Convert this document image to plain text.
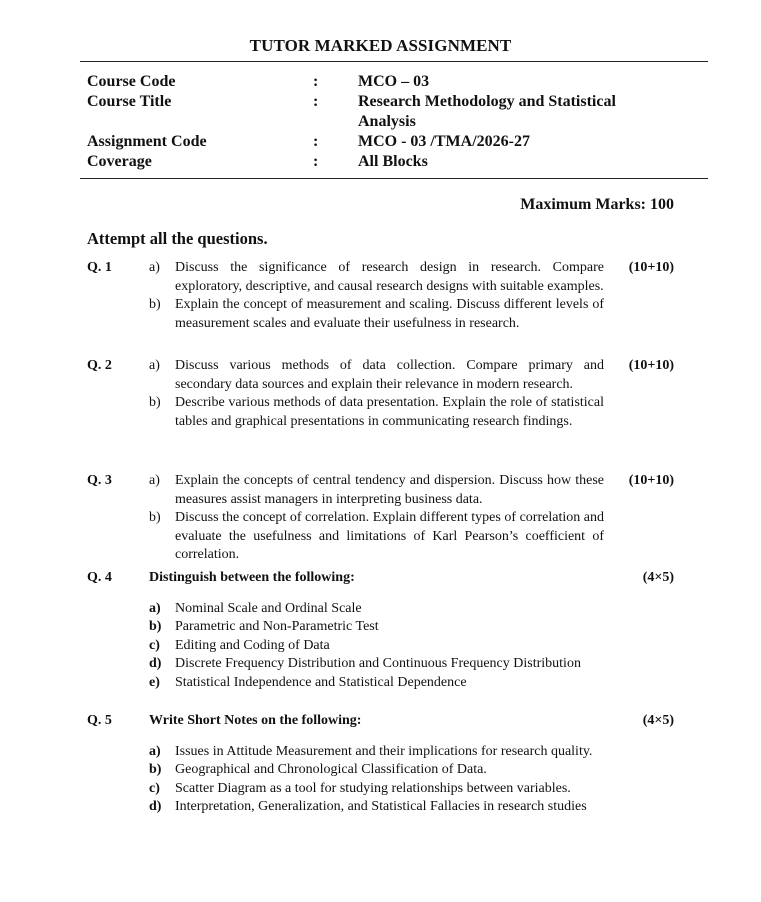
TUTOR MARKED ASSIGNMENT
Course Code	:	MCO – 03
Course Title	:	Research Methodology and Statistical Analysis
Assignment Code	:	MCO - 03 /TMA/2026-27
Coverage	:	All Blocks
Maximum Marks: 100
Attempt all the questions.
Q. 1	(10+10)
a) Discuss the significance of research design in research. Compare exploratory, descriptive, and causal research designs with suitable examples.
b) Explain the concept of measurement and scaling. Discuss different levels of measurement scales and evaluate their usefulness in research.
Q. 2	(10+10)
a) Discuss various methods of data collection. Compare primary and secondary data sources and explain their relevance in modern research.
b) Describe various methods of data presentation. Explain the role of statistical tables and graphical presentations in communicating research findings.
Q. 3	(10+10)
a) Explain the concepts of central tendency and dispersion. Discuss how these measures assist managers in interpreting business data.
b) Discuss the concept of correlation. Explain different types of correlation and evaluate the usefulness and limitations of Karl Pearson’s coefficient of correlation.
Q. 4	(4×5)
Distinguish between the following:
a) Nominal Scale and Ordinal Scale
b) Parametric and Non-Parametric Test
c) Editing and Coding of Data
d) Discrete Frequency Distribution and Continuous Frequency Distribution
e) Statistical Independence and Statistical Dependence
Q. 5	(4×5)
Write Short Notes on the following:
a) Issues in Attitude Measurement and their implications for research quality.
b) Geographical and Chronological Classification of Data.
c) Scatter Diagram as a tool for studying relationships between variables.
d) Interpretation, Generalization, and Statistical Fallacies in research studies
